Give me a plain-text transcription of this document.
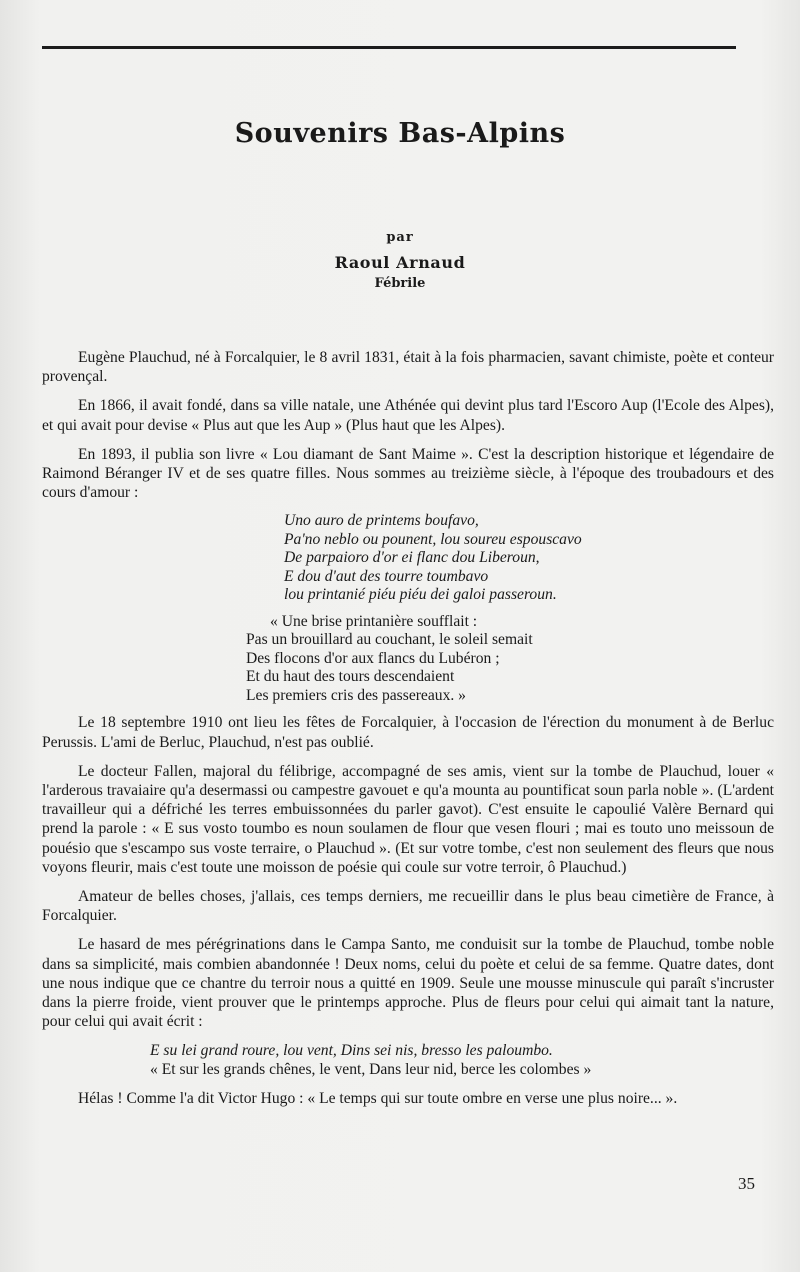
Souvenirs Bas-Alpins
par
Raoul Arnaud
Fébrile

Eugène Plauchud, né à Forcalquier, le 8 avril 1831, était à la fois pharmacien, savant chimiste, poète et conteur provençal.

En 1866, il avait fondé, dans sa ville natale, une Athénée qui devint plus tard l'Escoro Aup (l'Ecole des Alpes), et qui avait pour devise « Plus aut que les Aup » (Plus haut que les Alpes).

En 1893, il publia son livre « Lou diamant de Sant Maime ». C'est la description historique et légendaire de Raimond Béranger IV et de ses quatre filles. Nous sommes au treizième siècle, à l'époque des troubadours et des cours d'amour :

Uno auro de printems boufavo,
Pa'no neblo ou pounent, lou soureu espouscavo
De parpaioro d'or ei flanc dou Liberoun,
E dou d'aut des tourre toumbavo
lou printanié piéu piéu dei galoi passeroun.
« Une brise printanière soufflait :
Pas un brouillard au couchant, le soleil semait
Des flocons d'or aux flancs du Lubéron ;
Et du haut des tours descendaient
Les premiers cris des passereaux. »

Le 18 septembre 1910 ont lieu les fêtes de Forcalquier, à l'occasion de l'érection du monument à de Berluc Perussis. L'ami de Berluc, Plauchud, n'est pas oublié.

Le docteur Fallen, majoral du félibrige, accompagné de ses amis, vient sur la tombe de Plauchud, louer « l'arderous travaiaire qu'a desermassi ou campestre gavouet e qu'a mounta au pountificat soun parla noble ». (L'ardent travailleur qui a défriché les terres embuissonnées du parler gavot). C'est ensuite le capoulié Valère Bernard qui prend la parole : « E sus vosto toumbo es noun soulamen de flour que vesen flouri ; mai es touto uno meissoun de pouésio que s'escampo sus voste terraire, o Plauchud ». (Et sur votre tombe, c'est non seulement des fleurs que nous voyons fleurir, mais c'est toute une moisson de poésie qui coule sur votre terroir, ô Plauchud.)

Amateur de belles choses, j'allais, ces temps derniers, me recueillir dans le plus beau cimetière de France, à Forcalquier.

Le hasard de mes pérégrinations dans le Campa Santo, me conduisit sur la tombe de Plauchud, tombe noble dans sa simplicité, mais combien abandonnée ! Deux noms, celui du poète et celui de sa femme. Quatre dates, dont une nous indique que ce chantre du terroir nous a quitté en 1909. Seule une mousse minuscule qui paraît s'incruster dans la pierre froide, vient prouver que le printemps approche. Plus de fleurs pour celui qui aimait tant la nature, pour celui qui avait écrit :

E su lei grand roure, lou vent, Dins sei nis, bresso les paloumbo.
« Et sur les grands chênes, le vent, Dans leur nid, berce les colombes »

Hélas ! Comme l'a dit Victor Hugo : « Le temps qui sur toute ombre en verse une plus noire... ».

35
